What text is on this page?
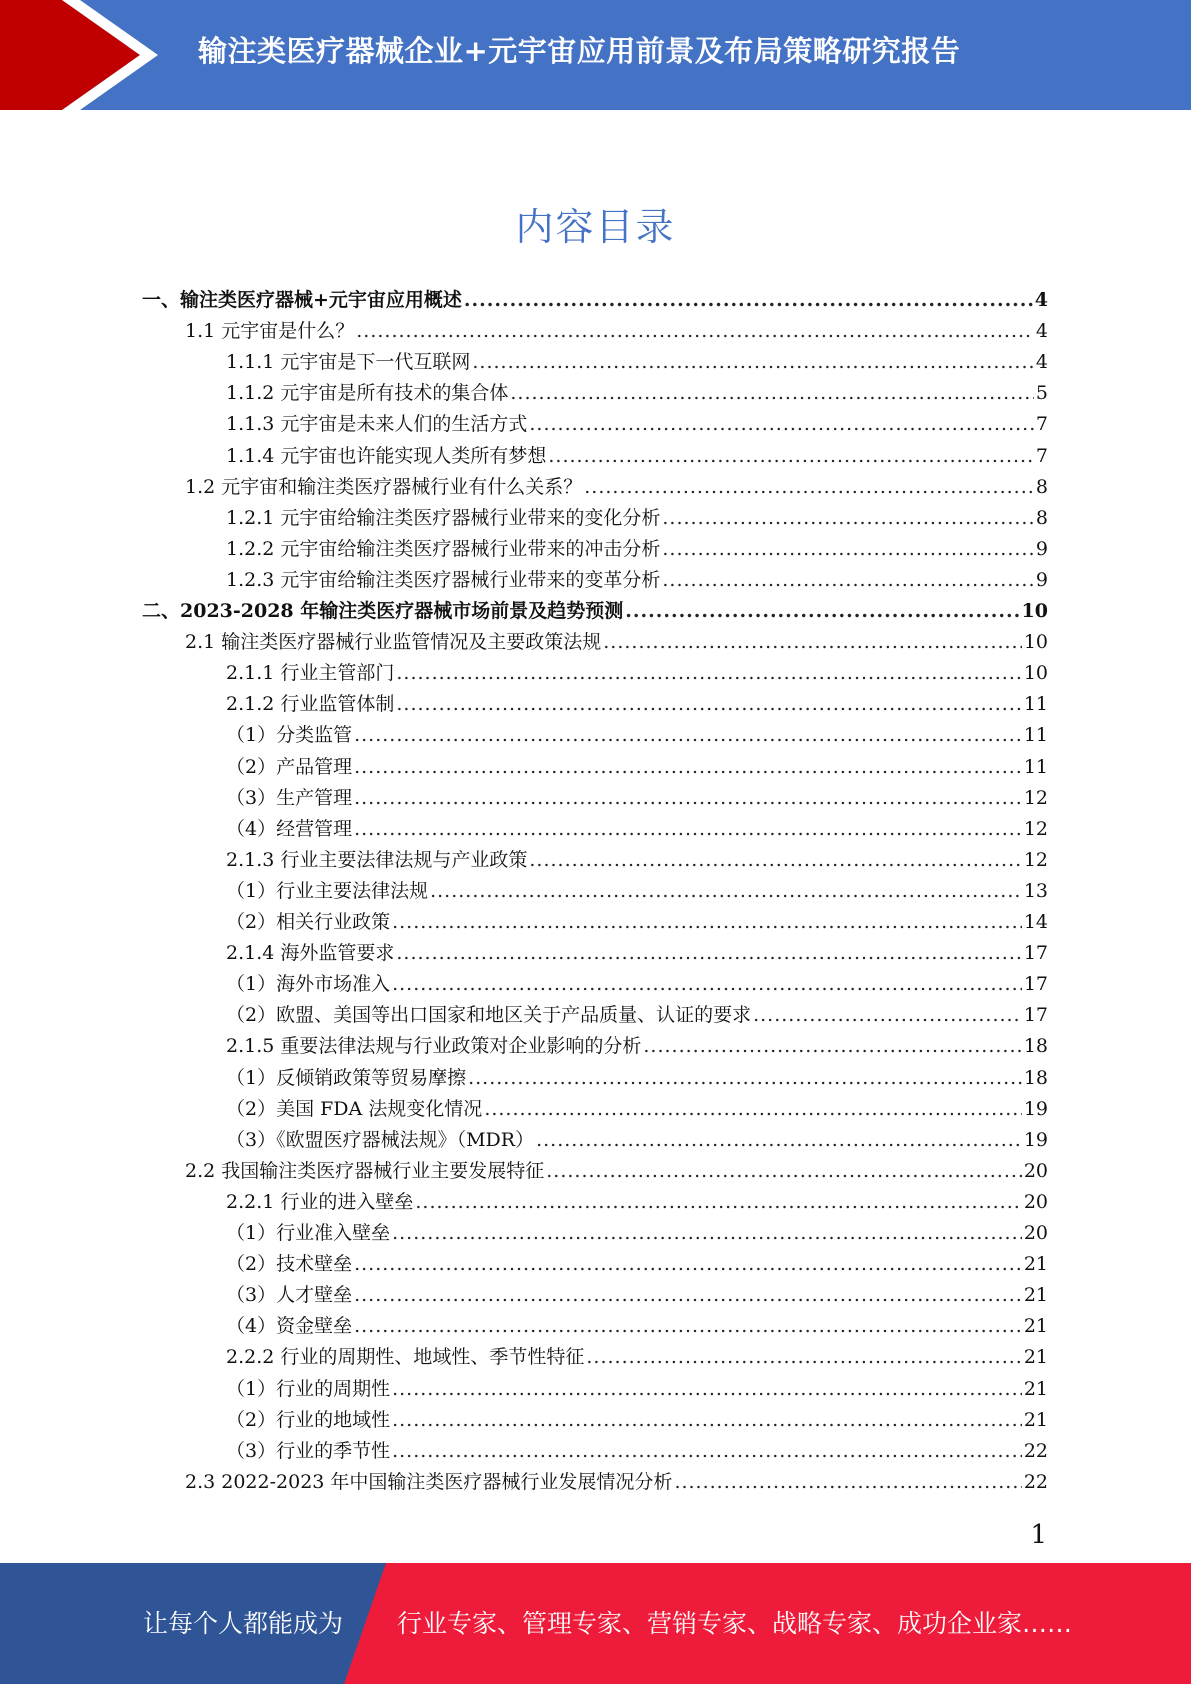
输注类医疗器械企业+元宇宙应用前景及布局策略研究报告
内容目录
一、输注类医疗器械+元宇宙应用概述 .....	4
1.1 元宇宙是什么？ .....	4
1.1.1 元宇宙是下一代互联网 .....	4
1.1.2 元宇宙是所有技术的集合体 .....	5
1.1.3 元宇宙是未来人们的生活方式 .....	7
1.1.4 元宇宙也许能实现人类所有梦想 .....	7
1.2 元宇宙和输注类医疗器械行业有什么关系？ .....	8
1.2.1 元宇宙给输注类医疗器械行业带来的变化分析 .....	8
1.2.2 元宇宙给输注类医疗器械行业带来的冲击分析 .....	9
1.2.3 元宇宙给输注类医疗器械行业带来的变革分析 .....	9
二、2023-2028 年输注类医疗器械市场前景及趋势预测 .....	10
2.1 输注类医疗器械行业监管情况及主要政策法规 .....	10
2.1.1 行业主管部门 .....	10
2.1.2 行业监管体制 .....	11
（1）分类监管 .....	11
（2）产品管理 .....	11
（3）生产管理 .....	12
（4）经营管理 .....	12
2.1.3 行业主要法律法规与产业政策 .....	12
（1）行业主要法律法规 .....	13
（2）相关行业政策 .....	14
2.1.4 海外监管要求 .....	17
（1）海外市场准入 .....	17
（2）欧盟、美国等出口国家和地区关于产品质量、认证的要求 .....	17
2.1.5 重要法律法规与行业政策对企业影响的分析 .....	18
（1）反倾销政策等贸易摩擦 .....	18
（2）美国 FDA 法规变化情况 .....	19
（3）《欧盟医疗器械法规》（MDR） .....	19
2.2 我国输注类医疗器械行业主要发展特征 .....	20
2.2.1 行业的进入壁垒 .....	20
（1）行业准入壁垒 .....	20
（2）技术壁垒 .....	21
（3）人才壁垒 .....	21
（4）资金壁垒 .....	21
2.2.2 行业的周期性、地域性、季节性特征 .....	21
（1）行业的周期性 .....	21
（2）行业的地域性 .....	21
（3）行业的季节性 .....	22
2.3 2022-2023 年中国输注类医疗器械行业发展情况分析 .....	22
1
让每个人都能成为 行业专家、管理专家、营销专家、战略专家、成功企业家……
